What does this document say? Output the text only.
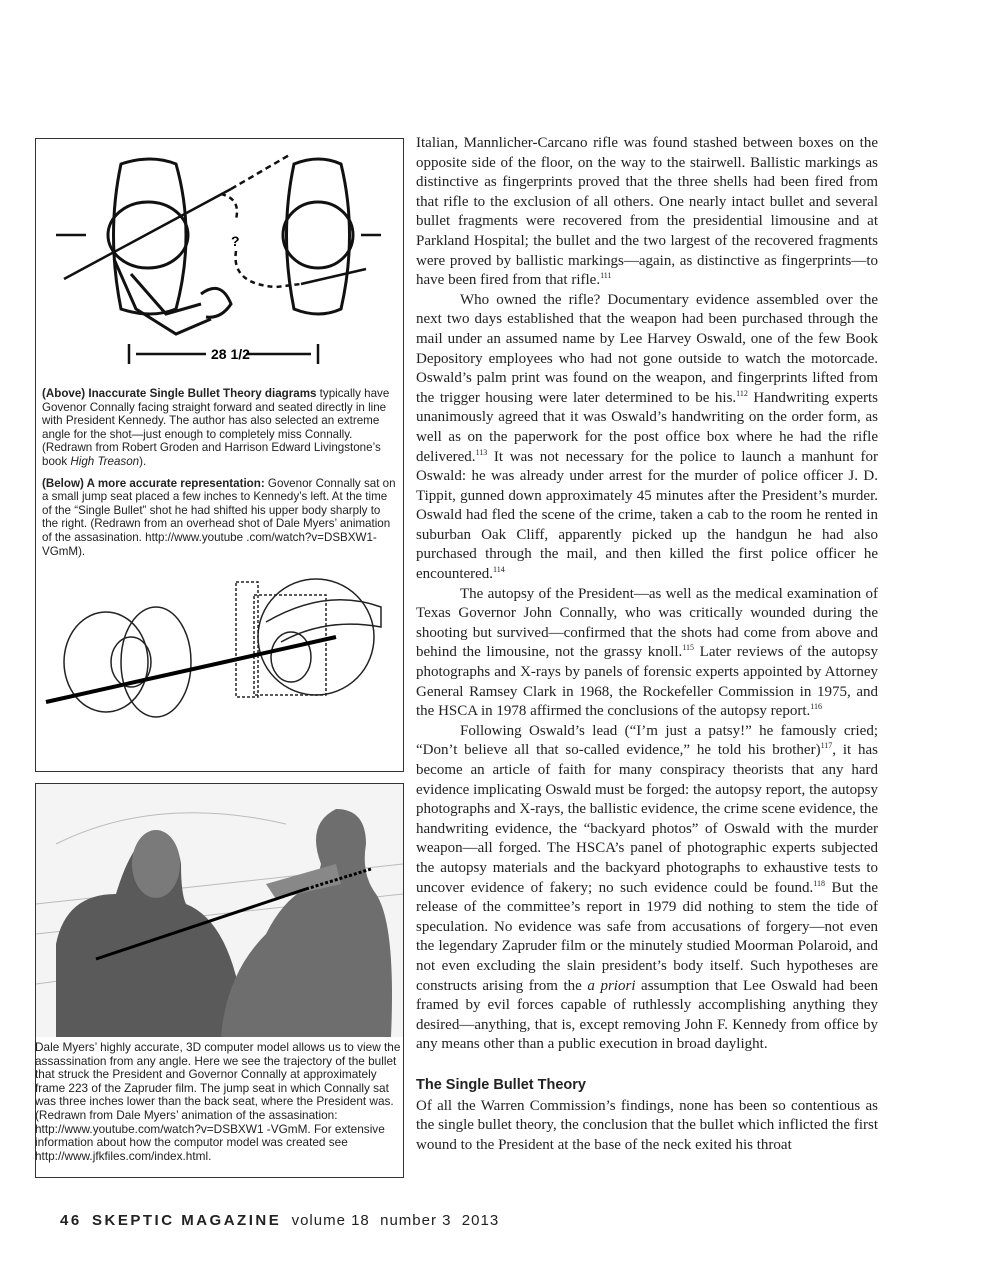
?
28 1/2

(Above) Inaccurate Single Bullet Theory diagrams typically have Govenor Connally facing straight forward and seated directly in line with President Kennedy. The author has also selected an extreme angle for the shot—just enough to completely miss Connally. (Redrawn from Robert Groden and Harrison Edward Livingstone’s book High Treason).

(Below) A more accurate representation: Govenor Connally sat on a small jump seat placed a few inches to Kennedy’s left. At the time of the “Single Bullet” shot he had shifted his upper body sharply to the right. (Redrawn from an overhead shot of Dale Myers’ animation of the assasination. http://www.youtube .com/watch?v=DSBXW1-VGmM).

Dale Myers’ highly accurate, 3D computer model allows us to view the assassination from any angle. Here we see the trajectory of the bullet that struck the President and Governor Connally at approximately frame 223 of the Zapruder film. The jump seat in which Connally sat was three inches lower than the back seat, where the President was. (Redrawn from Dale Myers’ animation of the assasination: http://www.youtube.com/watch?v=DSBXW1 -VGmM. For extensive information about how the computor model was created see http://www.jfkfiles.com/index.html.

Italian, Mannlicher-Carcano rifle was found stashed between boxes on the opposite side of the floor, on the way to the stairwell. Ballistic markings as distinctive as fingerprints proved that the three shells had been fired from that rifle to the exclusion of all others. One nearly intact bullet and several bullet fragments were recovered from the presidential limousine and at Parkland Hospital; the bullet and the two largest of the recovered fragments were proved by ballistic markings—again, as distinctive as fingerprints—to have been fired from that rifle.$^{111}$

Who owned the rifle? Documentary evidence assembled over the next two days established that the weapon had been purchased through the mail under an assumed name by Lee Harvey Oswald, one of the few Book Depository employees who had not gone outside to watch the motorcade. Oswald’s palm print was found on the weapon, and fingerprints lifted from the trigger housing were later determined to be his.$^{112}$ Handwriting experts unanimously agreed that it was Oswald’s handwriting on the order form, as well as on the paperwork for the post office box where he had the rifle delivered.$^{113}$ It was not necessary for the police to launch a manhunt for Oswald: he was already under arrest for the murder of police officer J. D. Tippit, gunned down approximately 45 minutes after the President’s murder. Oswald had fled the scene of the crime, taken a cab to the room he rented in suburban Oak Cliff, apparently picked up the handgun he had also purchased through the mail, and then killed the first police officer he encountered.$^{114}$

The autopsy of the President—as well as the medical examination of Texas Governor John Connally, who was critically wounded during the shooting but survived—confirmed that the shots had come from above and behind the limousine, not the grassy knoll.$^{115}$ Later reviews of the autopsy photographs and X-rays by panels of forensic experts appointed by Attorney General Ramsey Clark in 1968, the Rockefeller Commission in 1975, and the HSCA in 1978 affirmed the conclusions of the autopsy report.$^{116}$

Following Oswald’s lead (“I’m just a patsy!” he famously cried; “Don’t believe all that so-called evidence,” he told his brother)$^{117}$, it has become an article of faith for many conspiracy theorists that any hard evidence implicating Oswald must be forged: the autopsy report, the autopsy photographs and X-rays, the ballistic evidence, the crime scene evidence, the handwriting evidence, the “backyard photos” of Oswald with the murder weapon—all forged. The HSCA’s panel of photographic experts subjected the autopsy materials and the backyard photographs to exhaustive tests to uncover evidence of fakery; no such evidence could be found.$^{118}$ But the release of the committee’s report in 1979 did nothing to stem the tide of speculation. No evidence was safe from accusations of forgery—not even the legendary Zapruder film or the minutely studied Moorman Polaroid, and not even excluding the slain president’s body itself. Such hypotheses are constructs arising from the a priori assumption that Lee Oswald had been framed by evil forces capable of ruthlessly accomplishing anything they desired—anything, that is, except removing John F. Kennedy from office by any means other than a public execution in broad daylight.

The Single Bullet Theory

Of all the Warren Commission’s findings, none has been so contentious as the single bullet theory, the conclusion that the bullet which inflicted the first wound to the President at the base of the neck exited his throat

46 SKEPTIC MAGAZINE volume 18  number 3  2013
